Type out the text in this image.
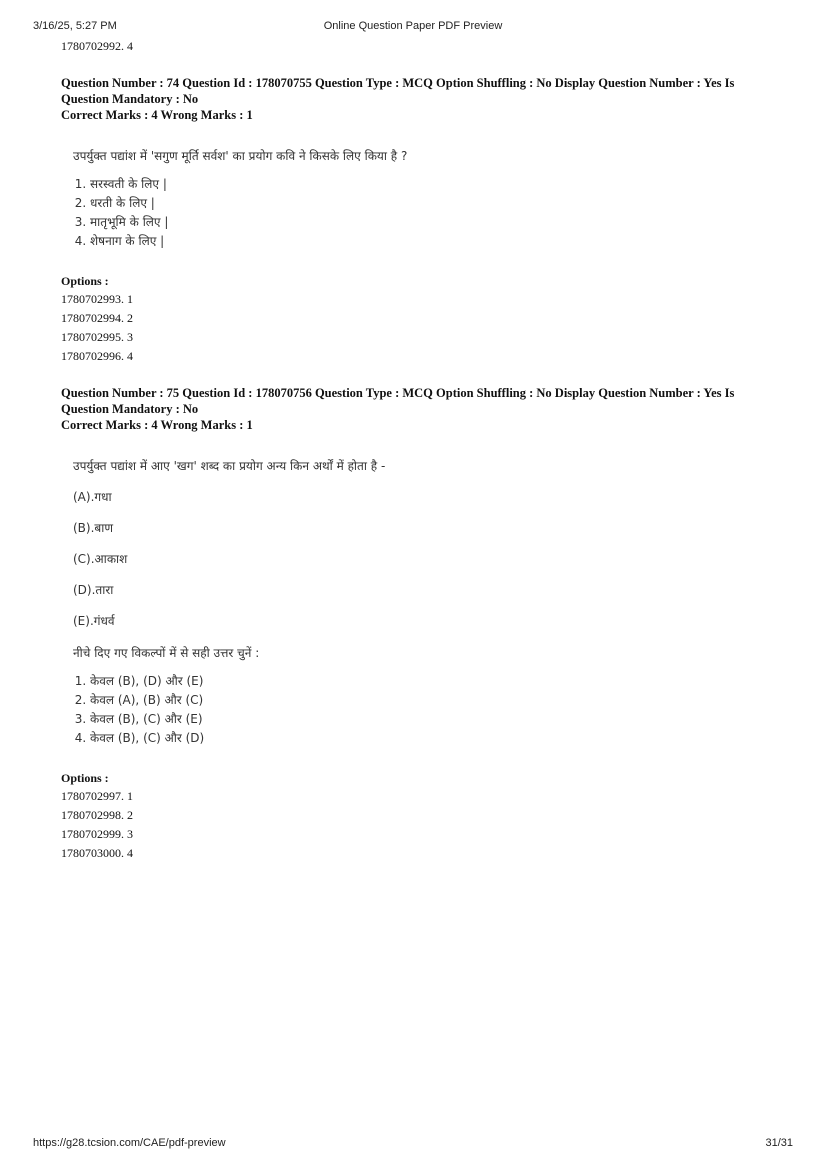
Online Question Paper PDF Preview
3/16/25, 5:27 PM
1780702992. 4
Question Number : 74 Question Id : 178070755 Question Type : MCQ Option Shuffling : No Display Question Number : Yes Is
Question Mandatory : No
Correct Marks : 4 Wrong Marks : 1
उपर्युक्त पद्यांश में 'सगुण मूर्ति सर्वश' का प्रयोग कवि ने किसके लिए किया है ?
1. सरस्वती के लिए |
2. धरती के लिए |
3. मातृभूमि के लिए |
4. शेषनाग के लिए |
Options :
1780702993. 1
1780702994. 2
1780702995. 3
1780702996. 4
Question Number : 75 Question Id : 178070756 Question Type : MCQ Option Shuffling : No Display Question Number : Yes Is
Question Mandatory : No
Correct Marks : 4 Wrong Marks : 1
उपर्युक्त पद्यांश में आए 'खग' शब्द का प्रयोग अन्य किन अर्थों में होता है -
(A).गधा
(B).बाण
(C).आकाश
(D).तारा
(E).गंधर्व
नीचे दिए गए विकल्पों में से सही उत्तर चुनें :
1. केवल (B), (D) और (E)
2. केवल (A), (B) और (C)
3. केवल (B), (C) और (E)
4. केवल (B), (C) और (D)
Options :
1780702997. 1
1780702998. 2
1780702999. 3
1780703000. 4
https://g28.tcsion.com/CAE/pdf-preview	31/31
